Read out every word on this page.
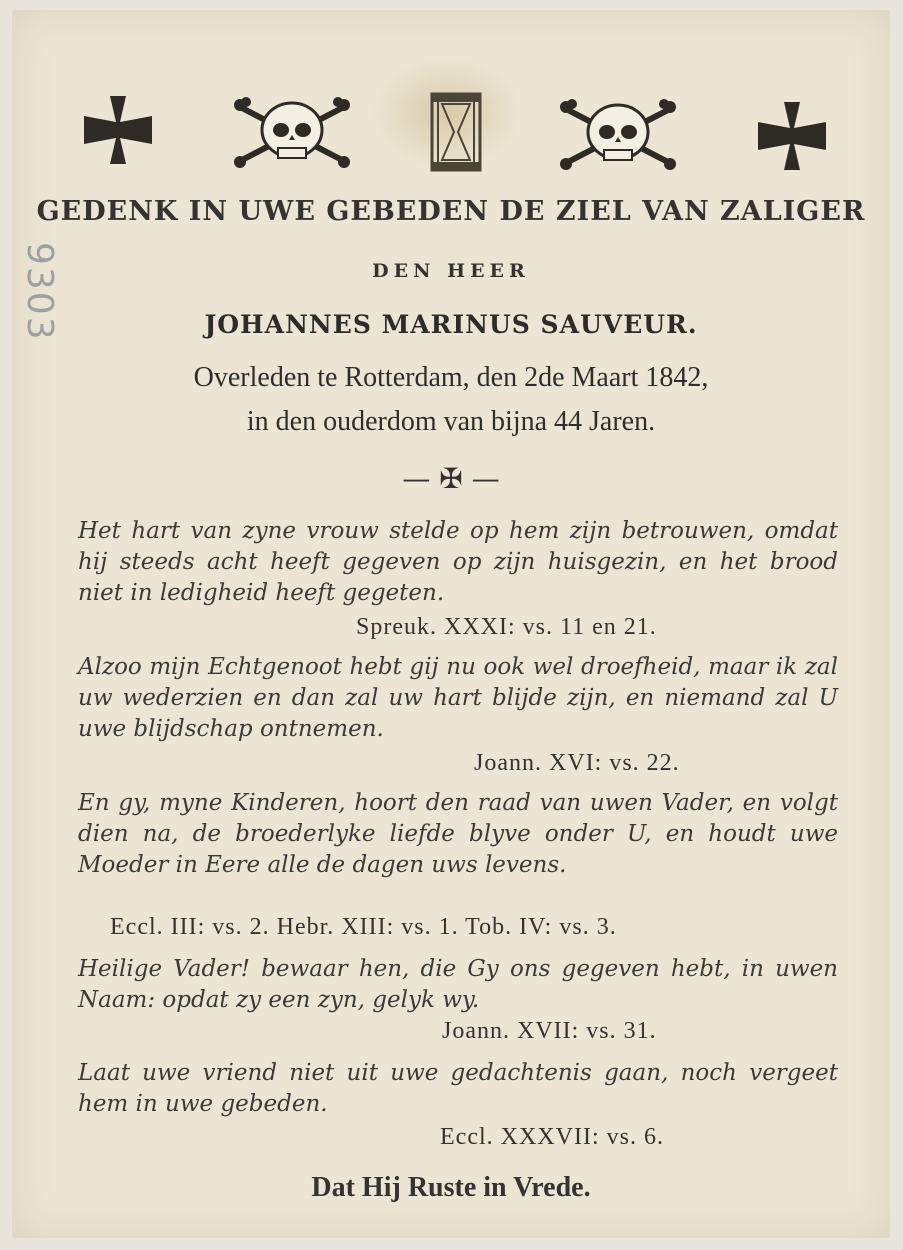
9303
GEDENK IN UWE GEBEDEN DE ZIEL VAN ZALIGER
DEN HEER
JOHANNES MARINUS SAUVEUR.
Overleden te Rotterdam, den 2de Maart 1842,
in den ouderdom van bijna 44 Jaren.
— ✠ —
Het hart van zyne vrouw stelde op hem zijn betrouwen, omdat hij steeds acht heeft gegeven op zijn huisgezin, en het brood niet in ledigheid heeft gegeten.
Spreuk. XXXI: vs. 11 en 21.
Alzoo mijn Echtgenoot hebt gij nu ook wel droefheid, maar ik zal uw wederzien en dan zal uw hart blijde zijn, en niemand zal U uwe blijdschap ontnemen.
Joann. XVI: vs. 22.
En gy, myne Kinderen, hoort den raad van uwen Vader, en volgt dien na, de broederlyke liefde blyve onder U, en houdt uwe Moeder in Eere alle de dagen uws levens.
Eccl. III: vs. 2. Hebr. XIII: vs. 1. Tob. IV: vs. 3.
Heilige Vader! bewaar hen, die Gy ons gegeven hebt, in uwen Naam: opdat zy een zyn, gelyk wy.
Joann. XVII: vs. 31.
Laat uwe vriend niet uit uwe gedachtenis gaan, noch vergeet hem in uwe gebeden.
Eccl. XXXVII: vs. 6.
Dat Hij Ruste in Vrede.
